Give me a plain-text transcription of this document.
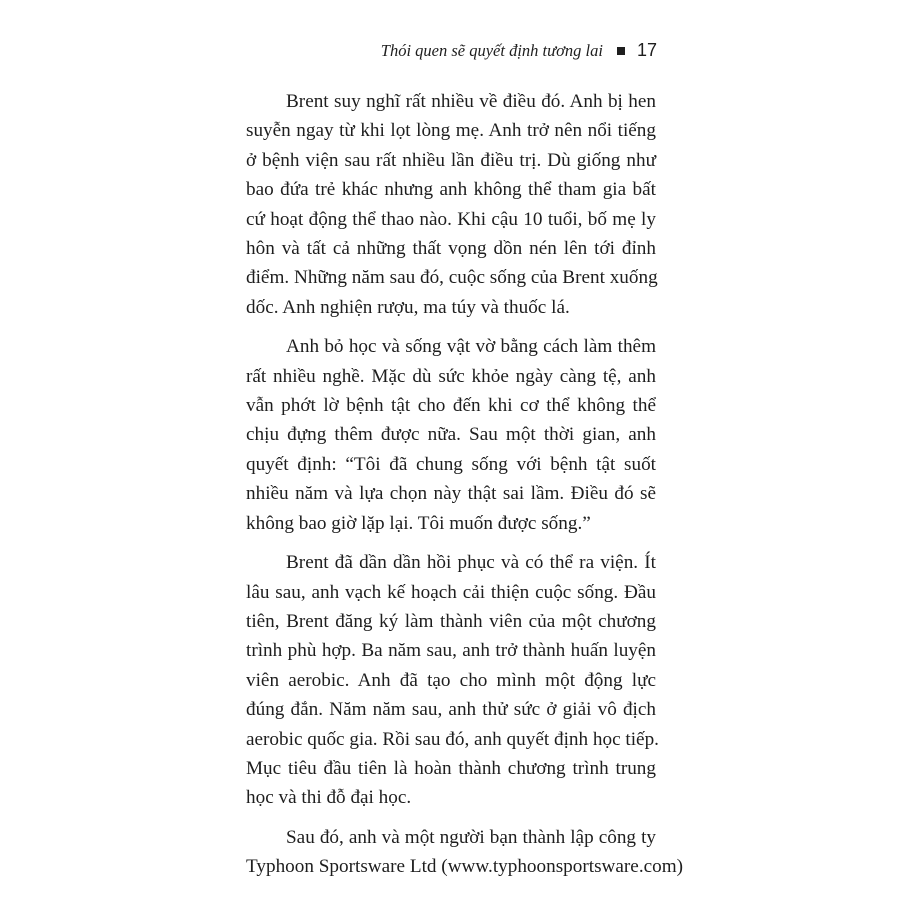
Thói quen sẽ quyết định tương lai 17
Brent suy nghĩ rất nhiều về điều đó. Anh bị hen
suyễn ngay từ khi lọt lòng mẹ. Anh trở nên nổi tiếng
ở bệnh viện sau rất nhiều lần điều trị. Dù giống như
bao đứa trẻ khác nhưng anh không thể tham gia bất
cứ hoạt động thể thao nào. Khi cậu 10 tuổi, bố mẹ ly
hôn và tất cả những thất vọng dồn nén lên tới đỉnh
điểm. Những năm sau đó, cuộc sống của Brent xuống
dốc. Anh nghiện rượu, ma túy và thuốc lá.
Anh bỏ học và sống vật vờ bằng cách làm thêm
rất nhiều nghề. Mặc dù sức khỏe ngày càng tệ, anh
vẫn phớt lờ bệnh tật cho đến khi cơ thể không thể
chịu đựng thêm được nữa. Sau một thời gian, anh
quyết định: “Tôi đã chung sống với bệnh tật suốt
nhiều năm và lựa chọn này thật sai lầm. Điều đó sẽ
không bao giờ lặp lại. Tôi muốn được sống.”
Brent đã dần dần hồi phục và có thể ra viện. Ít
lâu sau, anh vạch kế hoạch cải thiện cuộc sống. Đầu
tiên, Brent đăng ký làm thành viên của một chương
trình phù hợp. Ba năm sau, anh trở thành huấn luyện
viên aerobic. Anh đã tạo cho mình một động lực
đúng đắn. Năm năm sau, anh thử sức ở giải vô địch
aerobic quốc gia. Rồi sau đó, anh quyết định học tiếp.
Mục tiêu đầu tiên là hoàn thành chương trình trung
học và thi đỗ đại học.
Sau đó, anh và một người bạn thành lập công ty
Typhoon Sportsware Ltd (www.typhoonsportsware.com)
